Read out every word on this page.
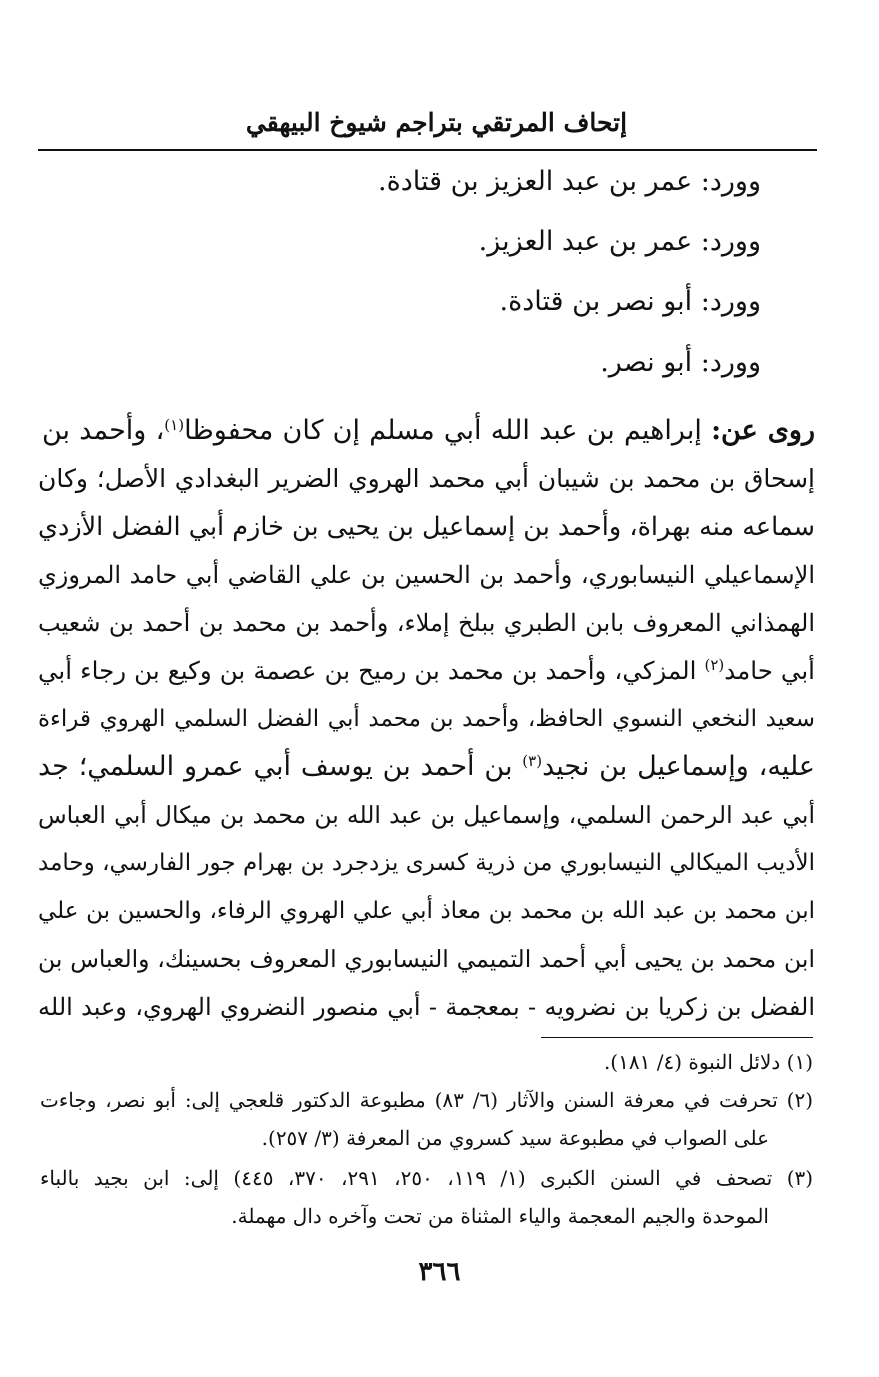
إتحاف المرتقي بتراجم شيوخ البيهقي
وورد: عمر بن عبد العزيز بن قتادة.
وورد: عمر بن عبد العزيز.
وورد: أبو نصر بن قتادة.
وورد: أبو نصر.
روى عن: إبراهيم بن عبد الله أبي مسلم إن كان محفوظا$^{(١)}$، وأحمد بن
إسحاق بن محمد بن شيبان أبي محمد الهروي الضرير البغدادي الأصل؛ وكان
سماعه منه بهراة، وأحمد بن إسماعيل بن يحيى بن خازم أبي الفضل الأزدي
الإسماعيلي النيسابوري، وأحمد بن الحسين بن علي القاضي أبي حامد المروزي
الهمذاني المعروف بابن الطبري ببلخ إملاء، وأحمد بن محمد بن أحمد بن شعيب
أبي حامد$^{(٢)}$ المزكي، وأحمد بن محمد بن رميح بن عصمة بن وكيع بن رجاء أبي
سعيد النخعي النسوي الحافظ، وأحمد بن محمد أبي الفضل السلمي الهروي قراءة
عليه، وإسماعيل بن نجيد$^{(٣)}$ بن أحمد بن يوسف أبي عمرو السلمي؛ جد
أبي عبد الرحمن السلمي، وإسماعيل بن عبد الله بن محمد بن ميكال أبي العباس
الأديب الميكالي النيسابوري من ذرية كسرى يزدجرد بن بهرام جور الفارسي، وحامد
ابن محمد بن عبد الله بن محمد بن معاذ أبي علي الهروي الرفاء، والحسين بن علي
ابن محمد بن يحيى أبي أحمد التميمي النيسابوري المعروف بحسينك، والعباس بن
الفضل بن زكريا بن نضرويه - بمعجمة - أبي منصور النضروي الهروي، وعبد الله
(١) دلائل النبوة (٤/ ١٨١).
(٢) تحرفت في معرفة السنن والآثار (٦/ ٨٣) مطبوعة الدكتور قلعجي إلى: أبو نصر، وجاءت
على الصواب في مطبوعة سيد كسروي من المعرفة (٣/ ٢٥٧).
(٣) تصحف في السنن الكبرى (١/ ١١٩، ٢٥٠، ٢٩١، ٣٧٠، ٤٤٥) إلى: ابن بجيد بالباء
الموحدة والجيم المعجمة والياء المثناة من تحت وآخره دال مهملة.
٣٦٦
